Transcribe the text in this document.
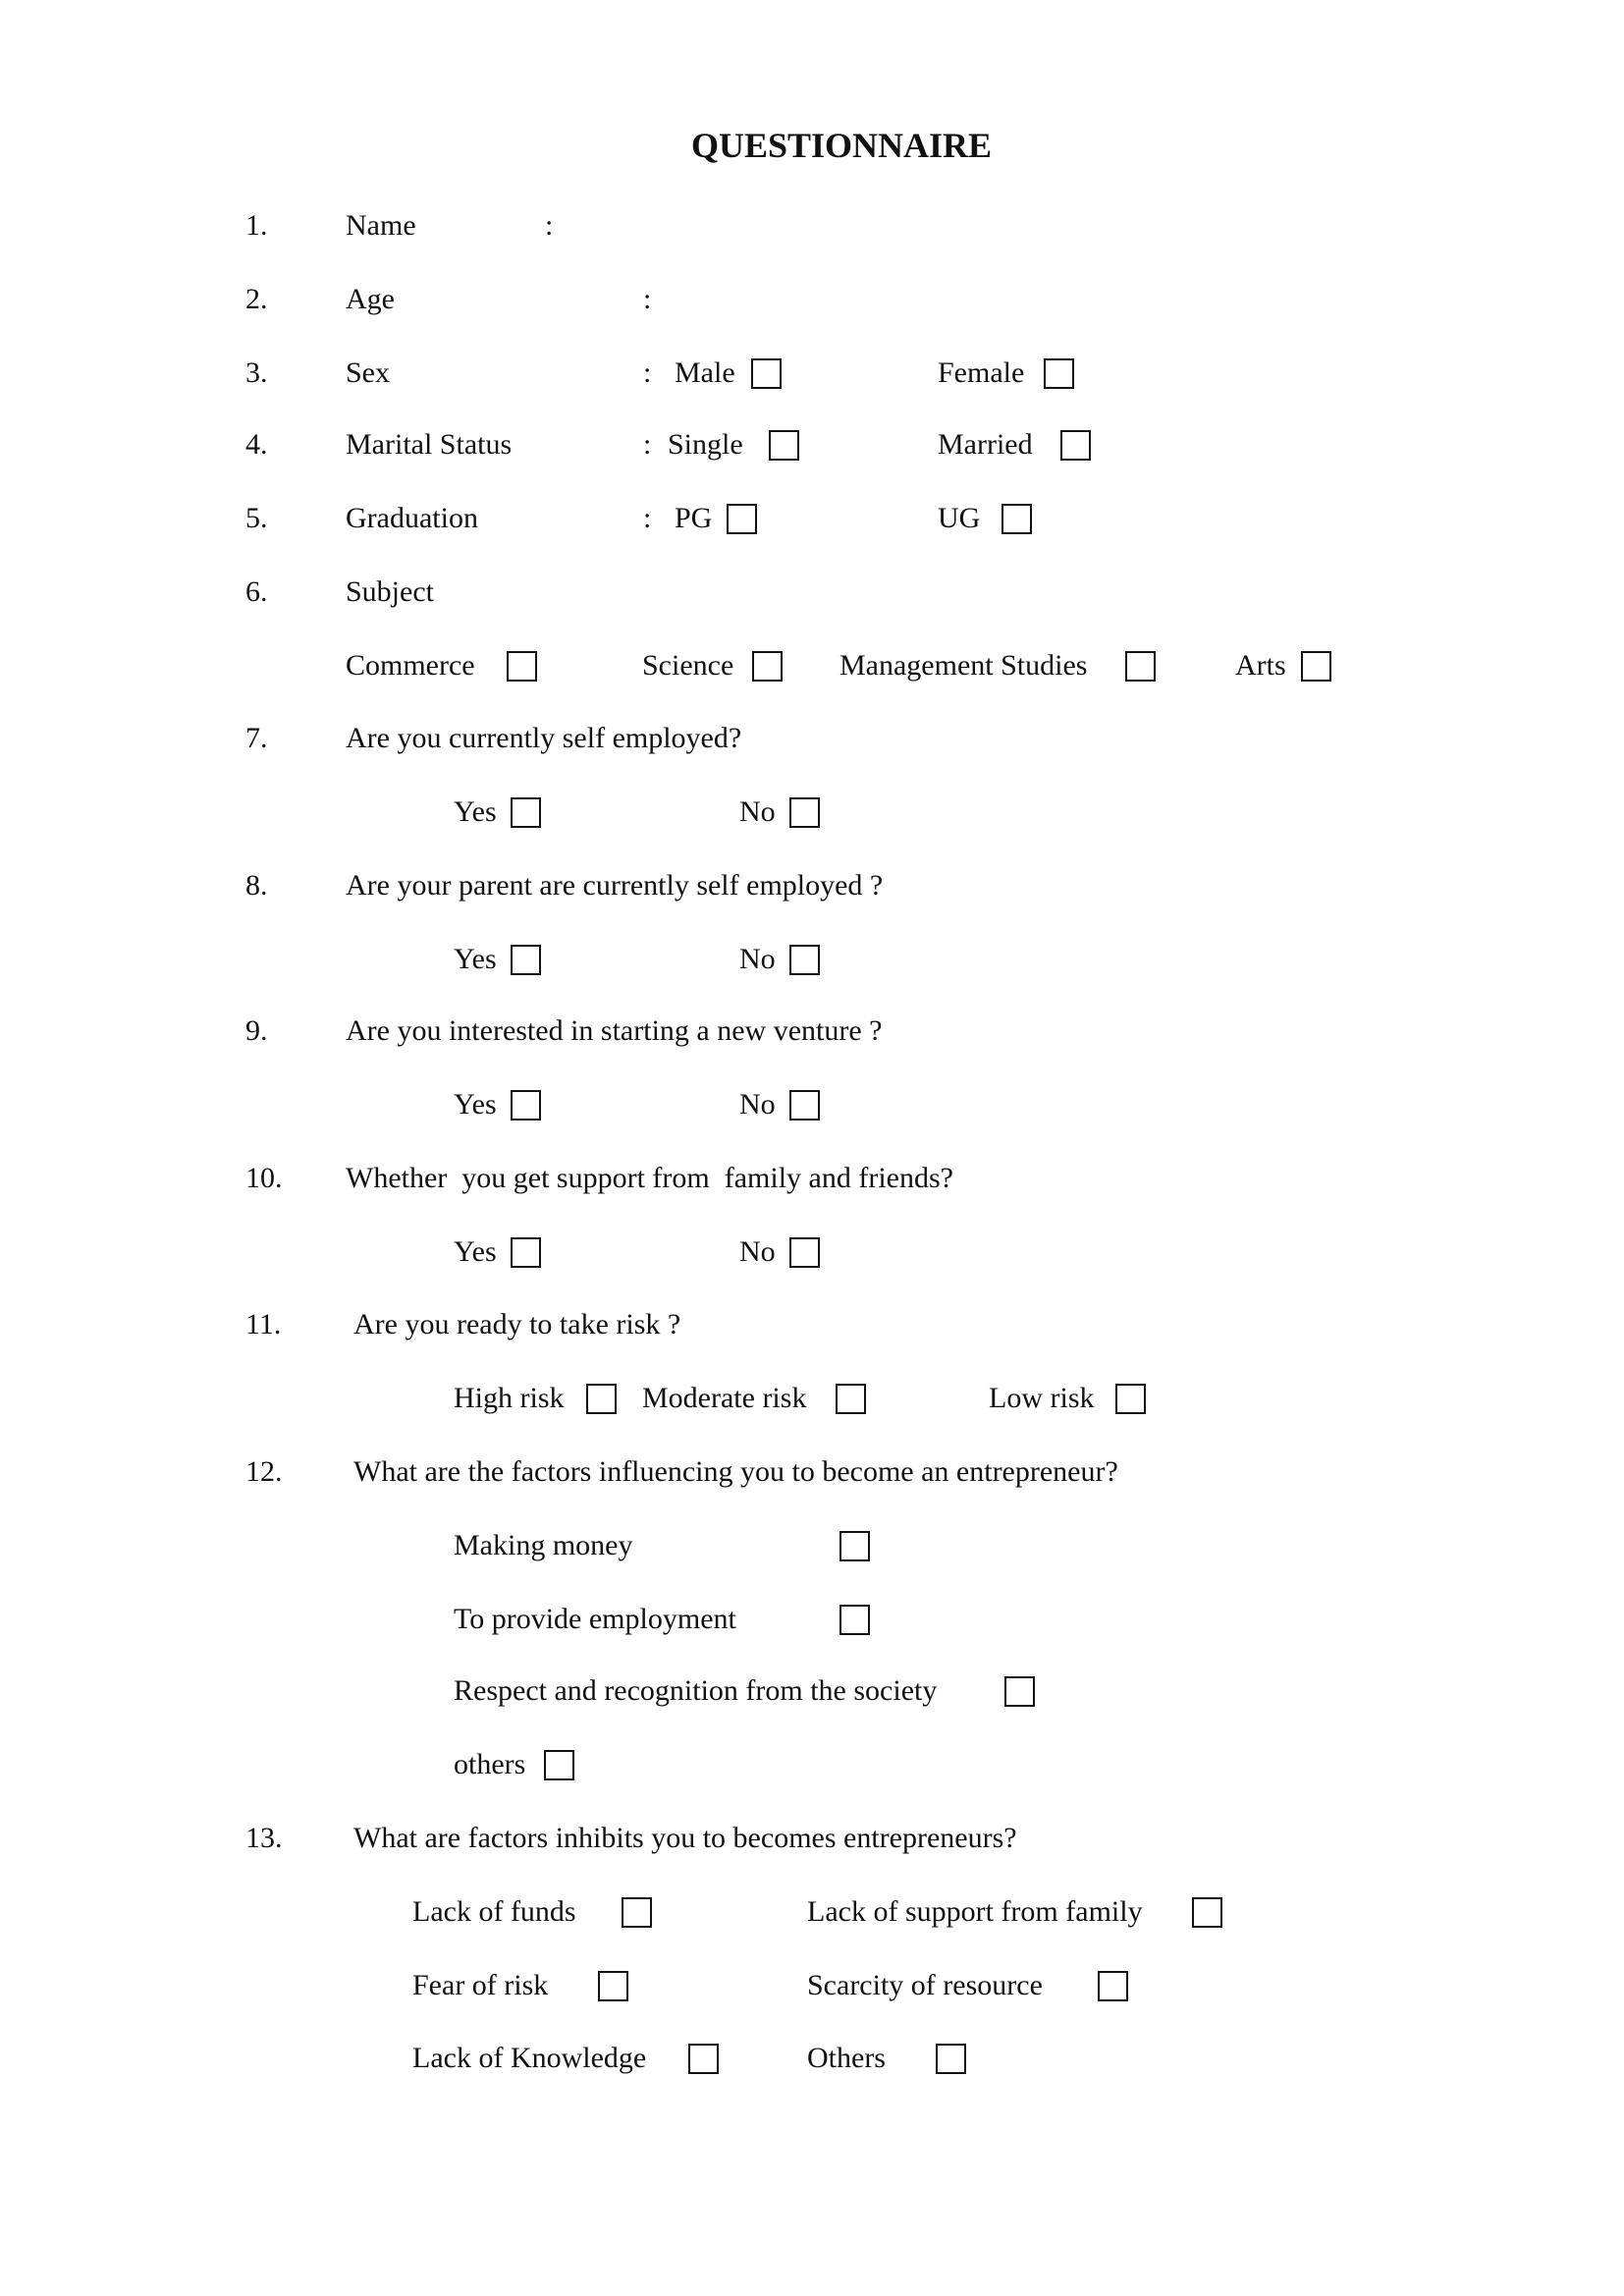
QUESTIONNAIRE
1.	Name	:
2.	Age	:
3.	Sex	: Male	Female
4.	Marital Status	: Single	Married
5.	Graduation	: PG	UG
6.	Subject
Commerce	Science	Management Studies	Arts
7.	Are you currently self employed?
Yes	No
8.	Are your parent are currently self employed ?
Yes	No
9.	Are you interested in starting a new venture ?
Yes	No
10. Whether  you get support from  family and friends?
Yes	No
11. Are you ready to take risk ?
High risk	Moderate risk	Low risk
12. What are the factors influencing you to become an entrepreneur?
Making money
To provide employment
Respect and recognition from the society
others
13. What are factors inhibits you to becomes entrepreneurs?
Lack of funds	Lack of support from family
Fear of risk	Scarcity of resource
Lack of Knowledge	Others
